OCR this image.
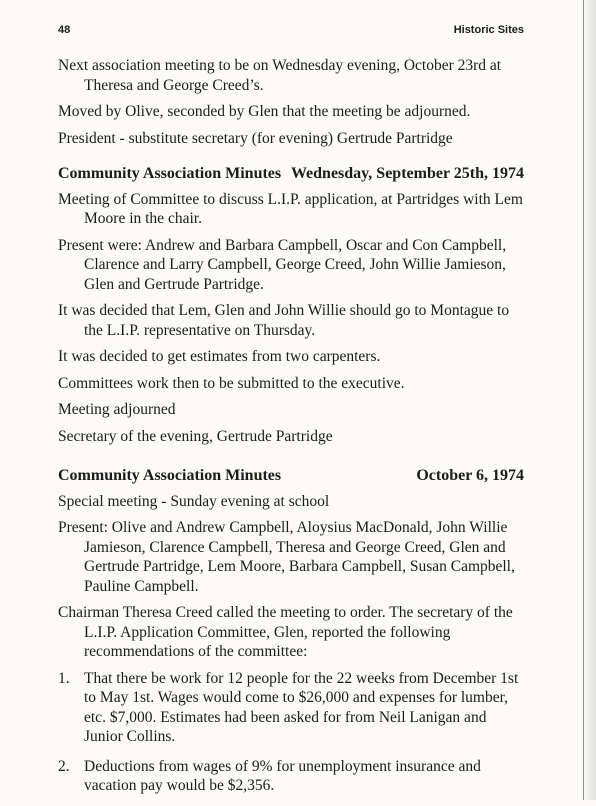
48	Historic Sites

Next association meeting to be on Wednesday evening, October 23rd at Theresa and George Creed’s.

Moved by Olive, seconded by Glen that the meeting be adjourned.

President - substitute secretary (for evening) Gertrude Partridge

Community Association Minutes Wednesday, September 25th, 1974

Meeting of Committee to discuss L.I.P. application, at Partridges with Lem Moore in the chair.

Present were: Andrew and Barbara Campbell, Oscar and Con Campbell, Clarence and Larry Campbell, George Creed, John Willie Jamieson, Glen and Gertrude Partridge.

It was decided that Lem, Glen and John Willie should go to Montague to the L.I.P. representative on Thursday.

It was decided to get estimates from two carpenters.

Committees work then to be submitted to the executive.

Meeting adjourned

Secretary of the evening, Gertrude Partridge

Community Association Minutes	October 6, 1974

Special meeting - Sunday evening at school

Present: Olive and Andrew Campbell, Aloysius MacDonald, John Willie Jamieson, Clarence Campbell, Theresa and George Creed, Glen and Gertrude Partridge, Lem Moore, Barbara Campbell, Susan Campbell, Pauline Campbell.

Chairman Theresa Creed called the meeting to order. The secretary of the L.I.P. Application Committee, Glen, reported the following recommendations of the committee:

1. That there be work for 12 people for the 22 weeks from December 1st to May 1st. Wages would come to $26,000 and expenses for lumber, etc. $7,000. Estimates had been asked for from Neil Lanigan and Junior Collins.
2. Deductions from wages of 9% for unemployment insurance and vacation pay would be $2,356.
